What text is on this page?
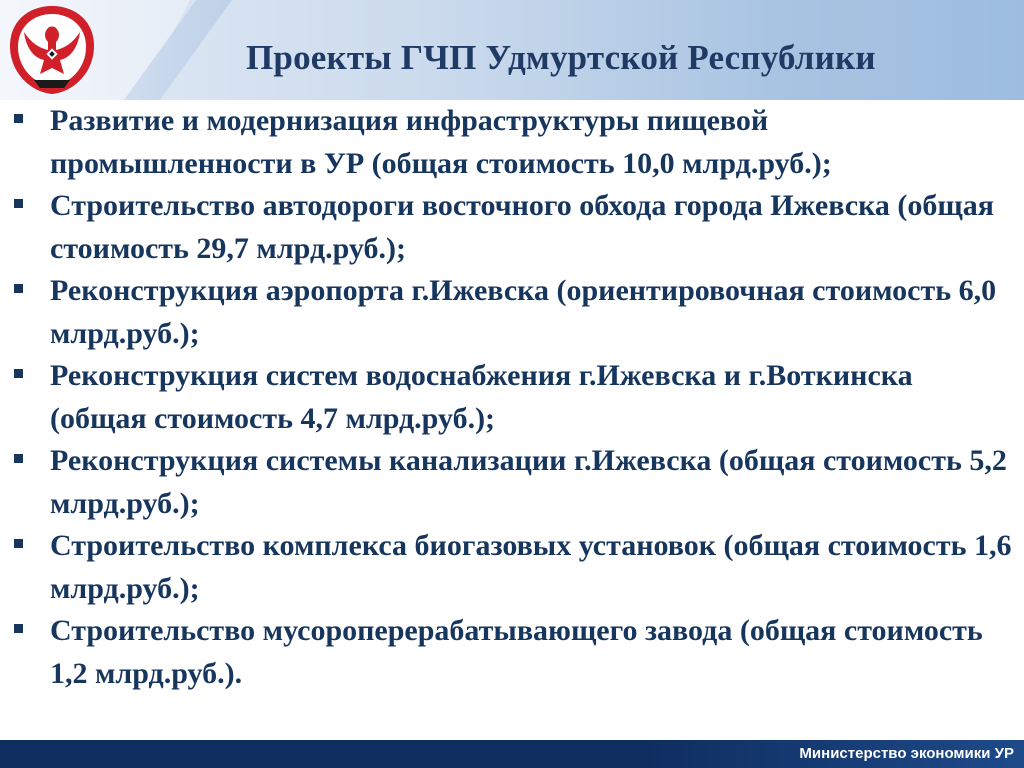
Проекты ГЧП Удмуртской Республики
Развитие и модернизация инфраструктуры пищевой промышленности в УР (общая стоимость 10,0 млрд.руб.);
Строительство автодороги восточного обхода города Ижевска (общая стоимость 29,7 млрд.руб.);
Реконструкция аэропорта г.Ижевска (ориентировочная стоимость 6,0 млрд.руб.);
Реконструкция систем водоснабжения г.Ижевска и г.Воткинска (общая стоимость 4,7 млрд.руб.);
Реконструкция системы канализации г.Ижевска (общая стоимость 5,2 млрд.руб.);
Строительство комплекса биогазовых установок (общая стоимость 1,6 млрд.руб.);
Строительство мусороперерабатывающего завода (общая стоимость 1,2 млрд.руб.).
Министерство экономики УР
